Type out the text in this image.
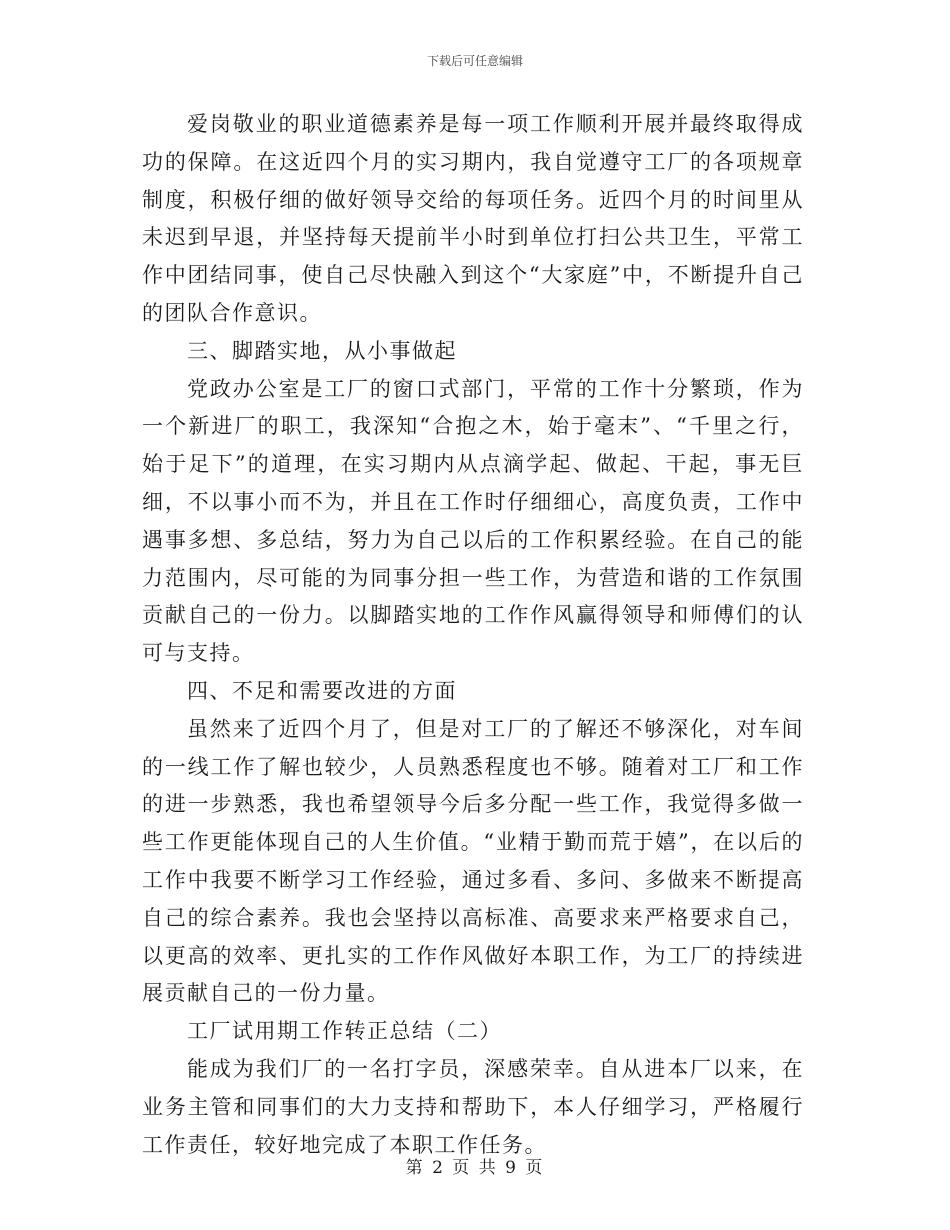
下载后可任意编辑

爱岗敬业的职业道德素养是每一项工作顺利开展并最终取得成功的保障。在这近四个月的实习期内，我自觉遵守工厂的各项规章制度，积极仔细的做好领导交给的每项任务。近四个月的时间里从未迟到早退，并坚持每天提前半小时到单位打扫公共卫生，平常工作中团结同事，使自己尽快融入到这个“大家庭”中，不断提升自己的团队合作意识。

三、脚踏实地，从小事做起

党政办公室是工厂的窗口式部门，平常的工作十分繁琐，作为一个新进厂的职工，我深知“合抱之木，始于毫末”、“千里之行，始于足下”的道理，在实习期内从点滴学起、做起、干起，事无巨细，不以事小而不为，并且在工作时仔细细心，高度负责，工作中遇事多想、多总结，努力为自己以后的工作积累经验。在自己的能力范围内，尽可能的为同事分担一些工作，为营造和谐的工作氛围贡献自己的一份力。以脚踏实地的工作作风赢得领导和师傅们的认可与支持。

四、不足和需要改进的方面

虽然来了近四个月了，但是对工厂的了解还不够深化，对车间的一线工作了解也较少，人员熟悉程度也不够。随着对工厂和工作的进一步熟悉，我也希望领导今后多分配一些工作，我觉得多做一些工作更能体现自己的人生价值。“业精于勤而荒于嬉”，在以后的工作中我要不断学习工作经验，通过多看、多问、多做来不断提高自己的综合素养。我也会坚持以高标准、高要求来严格要求自己，以更高的效率、更扎实的工作作风做好本职工作，为工厂的持续进展贡献自己的一份力量。

工厂试用期工作转正总结（二）

能成为我们厂的一名打字员，深感荣幸。自从进本厂以来，在业务主管和同事们的大力支持和帮助下，本人仔细学习，严格履行工作责任，较好地完成了本职工作任务。

第 2 页 共 9 页
